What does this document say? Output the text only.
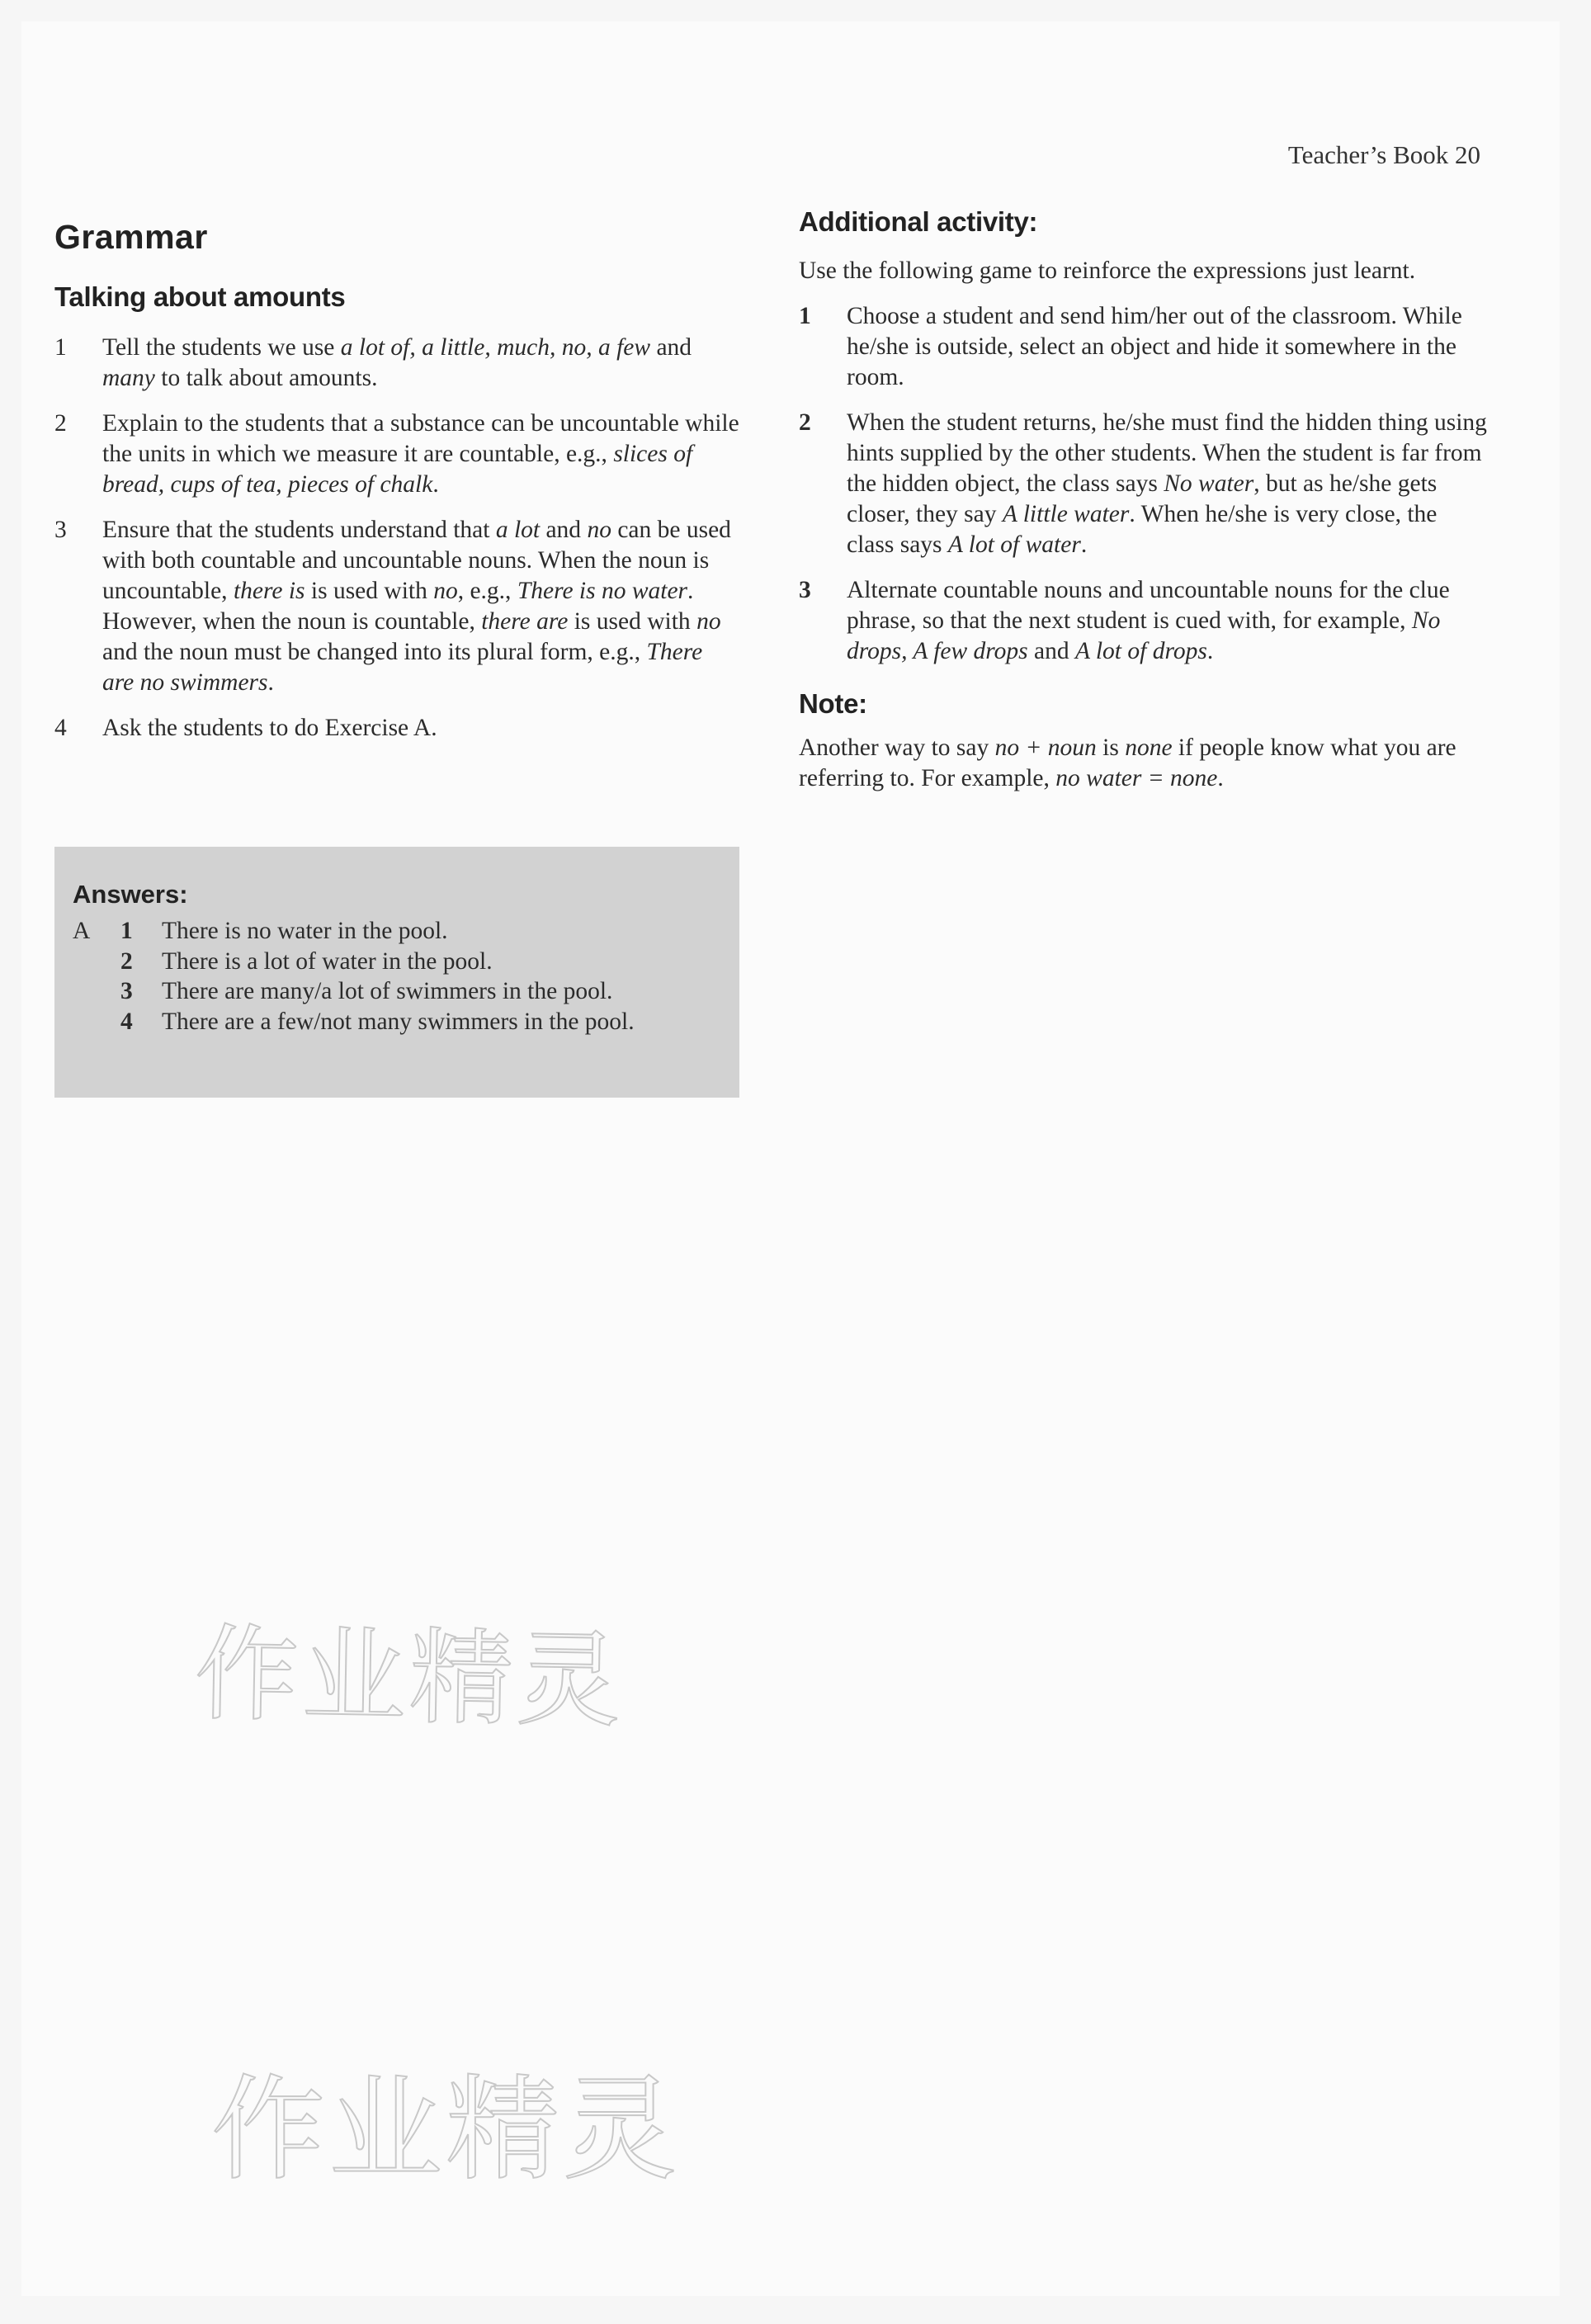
Teacher’s Book 20
Grammar
Talking about amounts
1	Tell the students we use a lot of, a little, much, no, a few and many to talk about amounts.
2	Explain to the students that a substance can be uncountable while the units in which we measure it are countable, e.g., slices of bread, cups of tea, pieces of chalk.
3	Ensure that the students understand that a lot and no can be used with both countable and uncountable nouns. When the noun is uncountable, there is is used with no, e.g., There is no water. However, when the noun is countable, there are is used with no and the noun must be changed into its plural form, e.g., There are no swimmers.
4	Ask the students to do Exercise A.
Answers:
A	1	There is no water in the pool.
2	There is a lot of water in the pool.
3	There are many/a lot of swimmers in the pool.
4	There are a few/not many swimmers in the pool.
Additional activity:

Use the following game to reinforce the expressions just learnt.

1	Choose a student and send him/her out of the classroom. While he/she is outside, select an object and hide it somewhere in the room.
2	When the student returns, he/she must find the hidden thing using hints supplied by the other students. When the student is far from the hidden object, the class says No water, but as he/she gets closer, they say A little water. When he/she is very close, the class says A lot of water.
3	Alternate countable nouns and uncountable nouns for the clue phrase, so that the next student is cued with, for example, No drops, A few drops and A lot of drops.
Note:

Another way to say no + noun is none if people know what you are referring to. For example, no water = none.

作业精灵
作业精灵
